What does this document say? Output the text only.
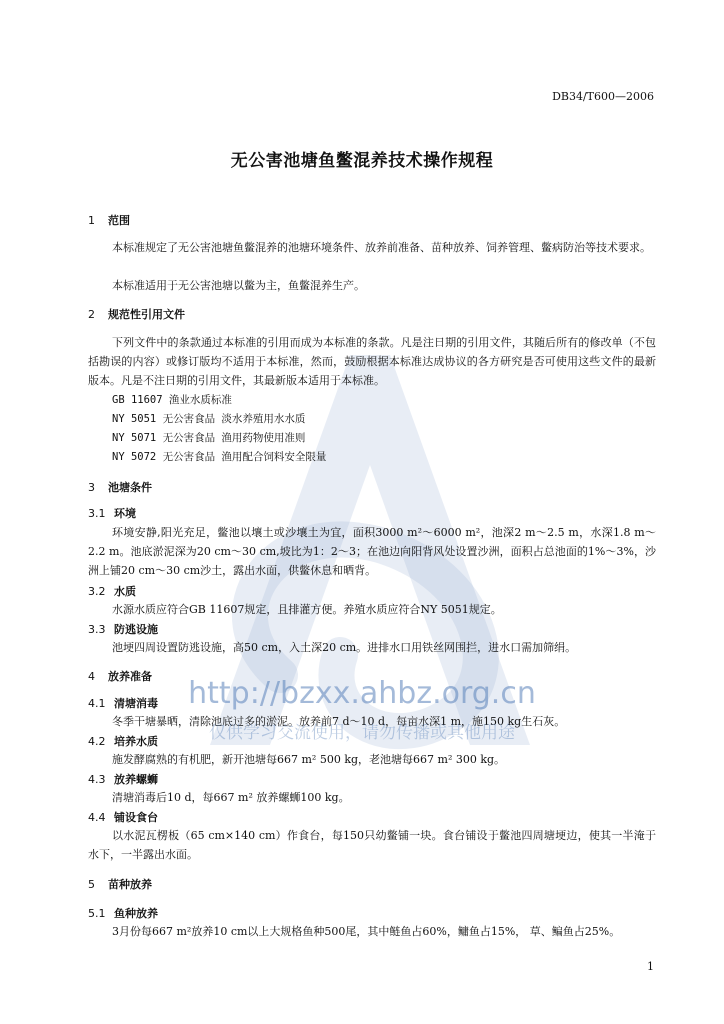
DB34/T600—2006
无公害池塘鱼鳖混养技术操作规程
1 范围
本标准规定了无公害池塘鱼鳖混养的池塘环境条件、放养前准备、苗种放养、饲养管理、鳖病防治等技术要求。
本标准适用于无公害池塘以鳖为主，鱼鳖混养生产。
2 规范性引用文件
下列文件中的条款通过本标准的引用而成为本标准的条款。凡是注日期的引用文件，其随后所有的修改单（不包括勘误的内容）或修订版均不适用于本标准，然而，鼓励根据本标准达成协议的各方研究是否可使用这些文件的最新版本。凡是不注日期的引用文件，其最新版本适用于本标准。
GB 11607 渔业水质标准
NY 5051 无公害食品 淡水养殖用水水质
NY 5071 无公害食品 渔用药物使用准则
NY 5072 无公害食品 渔用配合饲料安全限量
3 池塘条件
3.1 环境
环境安静,阳光充足，鳖池以壤土或沙壤土为宜，面积3000 m²～6000 m²，池深2 m～2.5 m，水深1.8 m～2.2 m。池底淤泥深为20 cm～30 cm,坡比为1：2～3；在池边向阳背风处设置沙洲，面积占总池面的1%～3%，沙洲上铺20 cm～30 cm沙土，露出水面，供鳖休息和晒背。
3.2 水质
水源水质应符合GB 11607规定，且排灌方便。养殖水质应符合NY 5051规定。
3.3 防逃设施
池埂四周设置防逃设施，高50 cm，入土深20 cm。进排水口用铁丝网围拦，进水口需加筛绢。
4 放养准备
4.1 清塘消毒
冬季干塘暴晒，清除池底过多的淤泥。放养前7 d～10 d，每亩水深1 m，施150 kg生石灰。
4.2 培养水质
施发酵腐熟的有机肥，新开池塘每667 m² 500 kg，老池塘每667 m² 300 kg。
4.3 放养螺蛳
清塘消毒后10 d，每667 m² 放养螺蛳100 kg。
4.4 铺设食台
以水泥瓦楞板（65 cm×140 cm）作食台，每150只幼鳖铺一块。食台铺设于鳖池四周塘埂边，使其一半淹于水下，一半露出水面。
5 苗种放养
5.1 鱼种放养
3月份每667 m²放养10 cm以上大规格鱼种500尾，其中鲢鱼占60%，鳙鱼占15%， 草、鳊鱼占25%。
http://bzxx.ahbz.org.cn
仅供学习交流使用，请勿传播或其他用途
1
